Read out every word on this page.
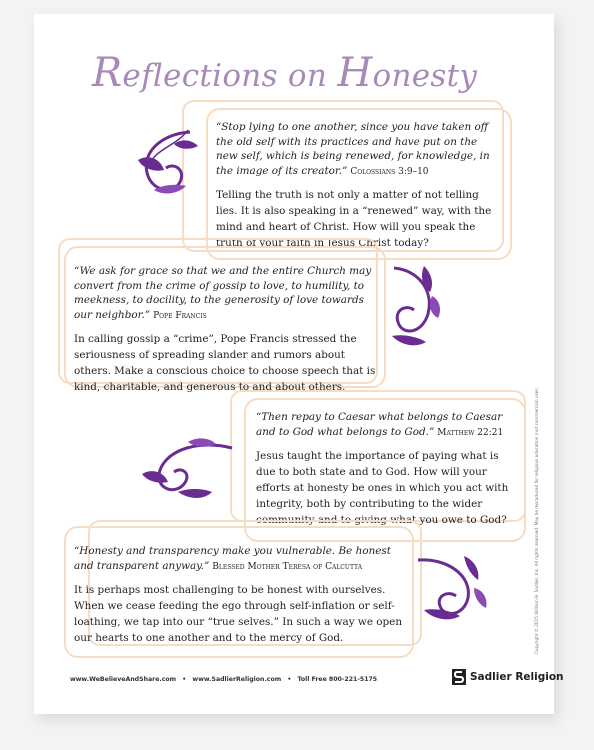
Reflections on Honesty

“Stop lying to one another, since you have taken off the old self with its practices and have put on the new self, which is being renewed, for knowledge, in the image of its creator.” Colossians 3:9–10

Telling the truth is not only a matter of not telling lies. It is also speaking in a “renewed” way, with the mind and heart of Christ. How will you speak the truth of your faith in Jesus Christ today?

“We ask for grace so that we and the entire Church may convert from the crime of gossip to love, to humility, to meekness, to docility, to the generosity of love towards our neighbor.” Pope Francis

In calling gossip a “crime”, Pope Francis stressed the seriousness of spreading slander and rumors about others. Make a conscious choice to choose speech that is kind, charitable, and generous to and about others.

“Then repay to Caesar what belongs to Caesar and to God what belongs to God.” Matthew 22:21

Jesus taught the importance of paying what is due to both state and to God. How will your efforts at honesty be ones in which you act with integrity, both by contributing to the wider community and to giving what you owe to God?

“Honesty and transparency make you vulnerable. Be honest and transparent anyway.” Blessed Mother Teresa of Calcutta

It is perhaps most challenging to be honest with ourselves. When we cease feeding the ego through self-inflation or self-loathing, we tap into our “true selves.” In such a way we open our hearts to one another and to the mercy of God.

www.WeBelieveAndShare.com • www.SadlierReligion.com • Toll Free 800-221-5175	Sadlier Religion
Copyright © 2015 William H. Sadlier, Inc. All rights reserved. May be reproduced for religious education (not commercial) uses.
